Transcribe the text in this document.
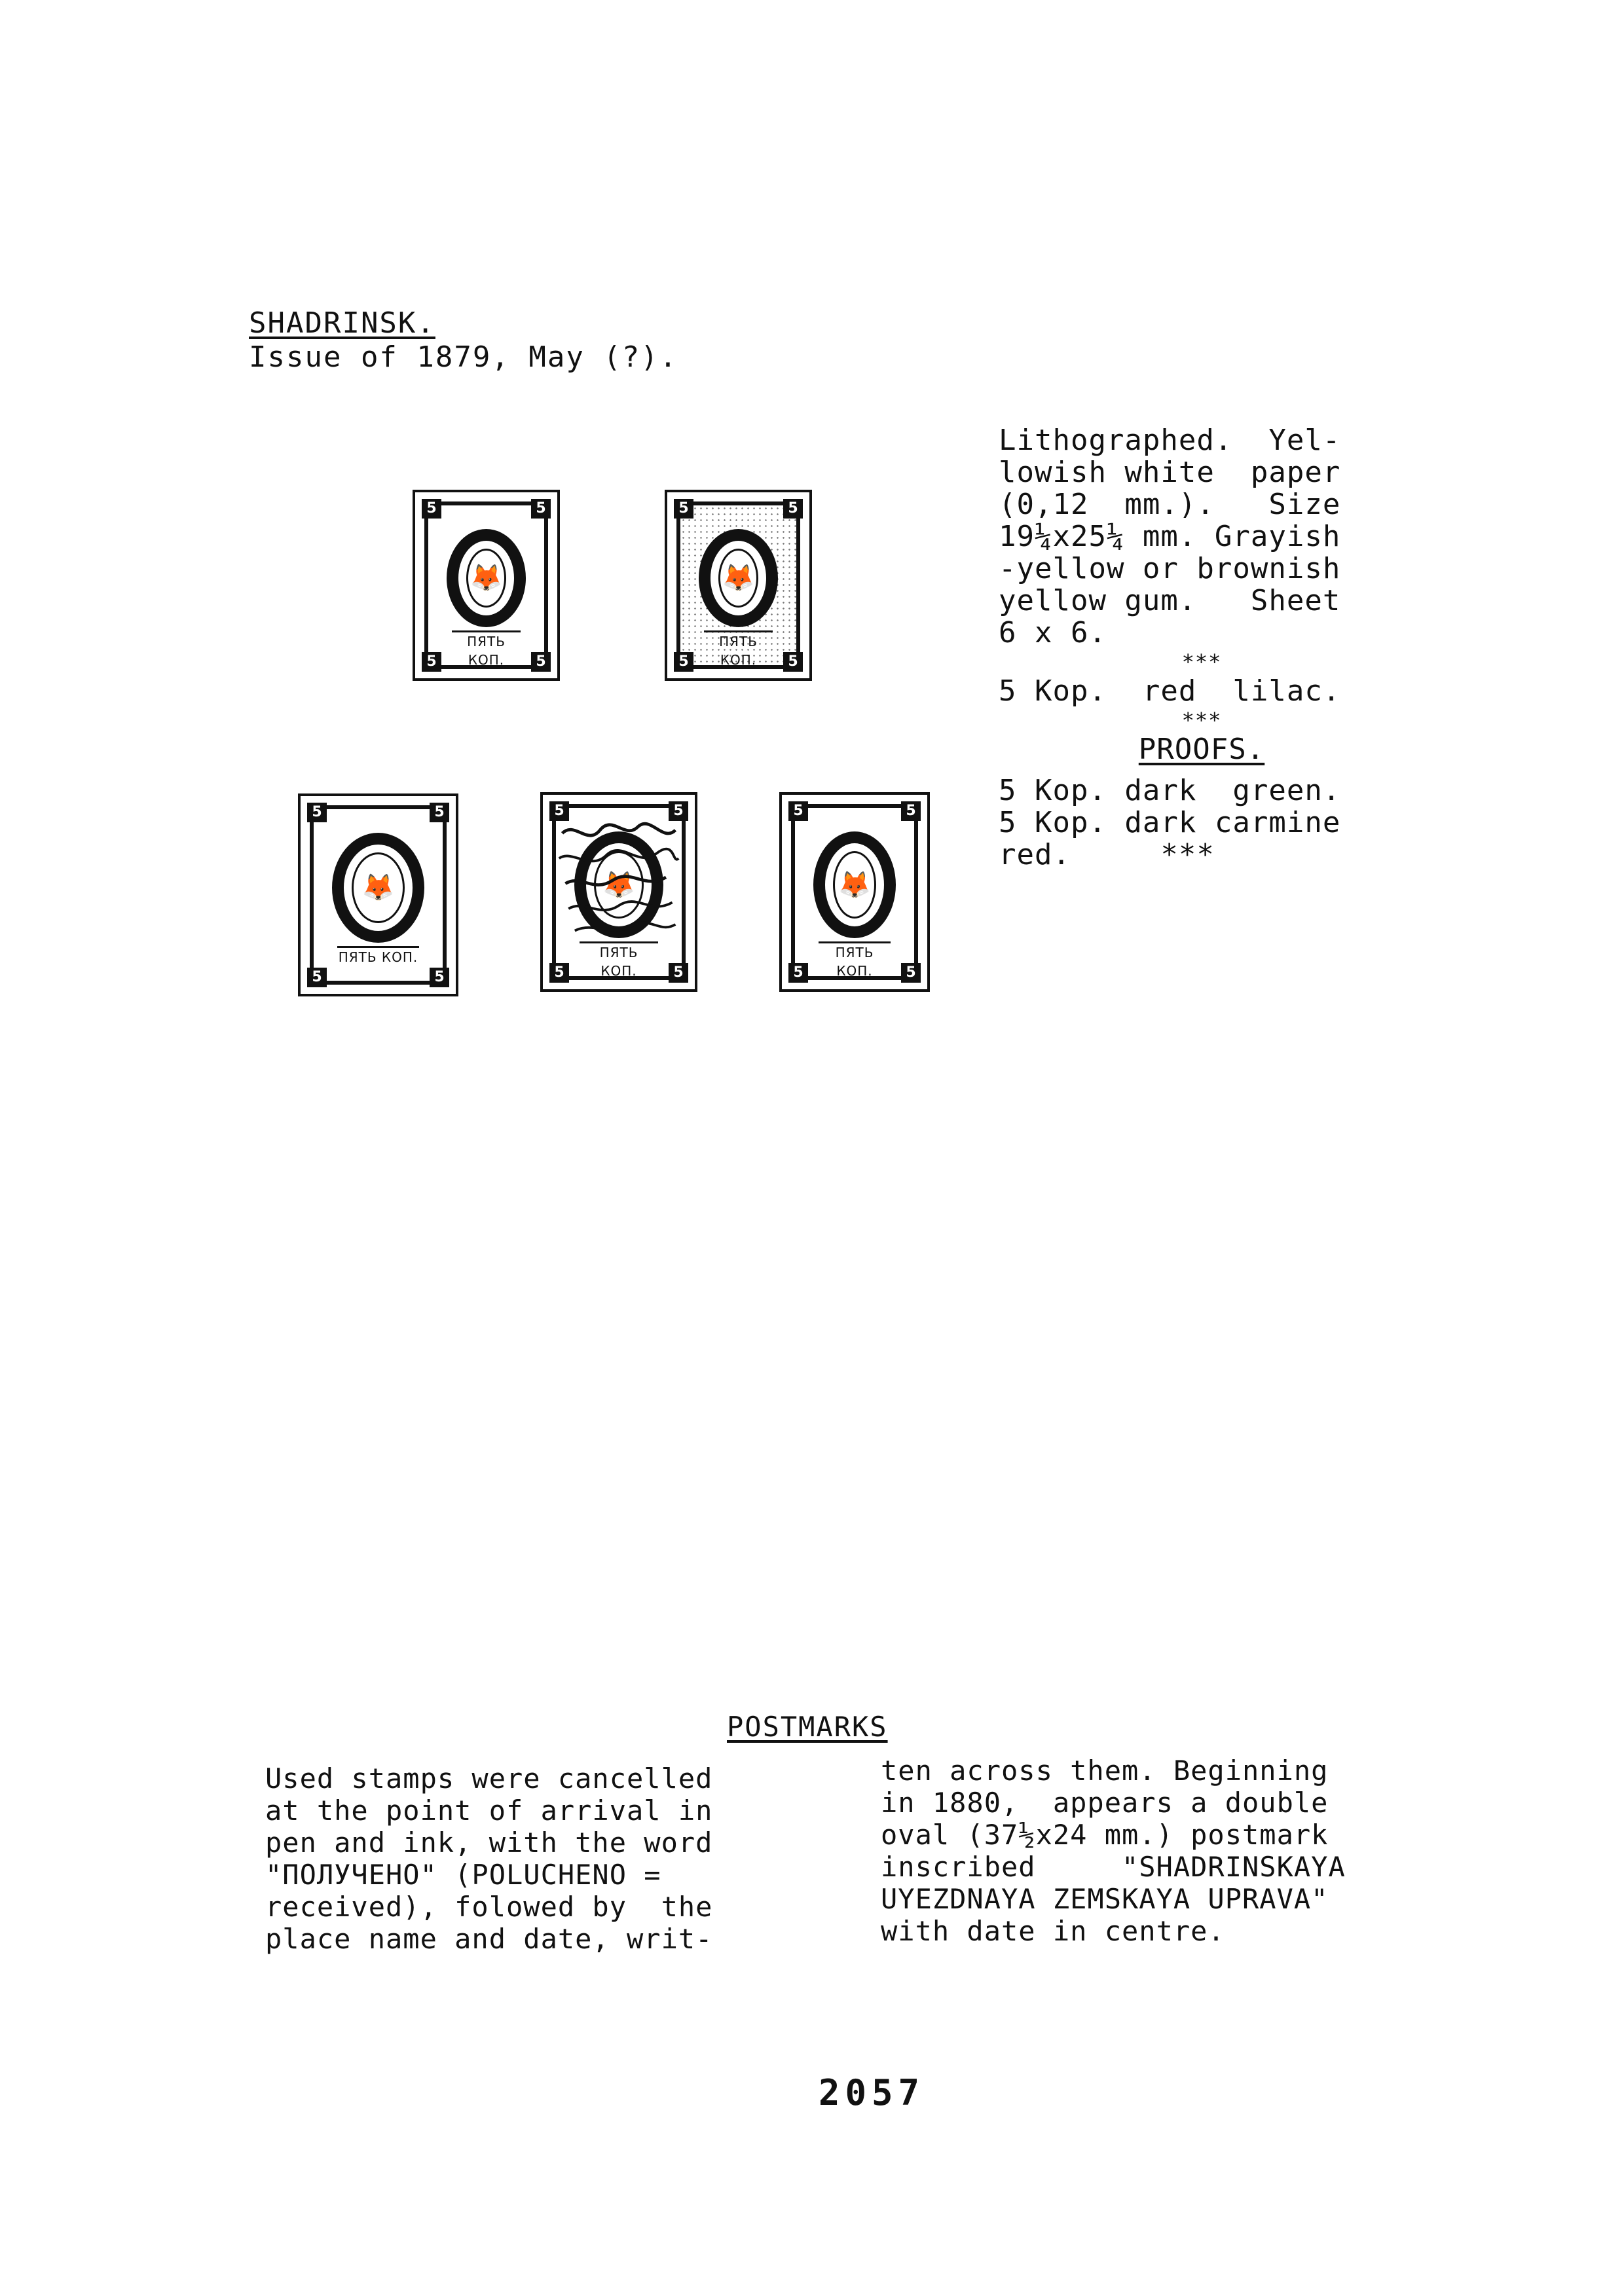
SHADRINSK.
Issue of 1879, May (?).
🦊
ПЯТЬ КОП.
5	5
5	5
🦊
ПЯТЬ КОП.
5	5
5	5
🦊
ПЯТЬ КОП.
5	5
5	5
🦊
ПЯТЬ КОП.
5	5
5	5
🦊
ПЯТЬ КОП.
5	5
5	5
Lithographed.  Yel-
lowish white  paper
(0,12  mm.).   Size
19¼x25¼ mm. Grayish
-yellow or brownish
yellow gum.   Sheet
6 x 6.
***
5 Kop.  red  lilac.
***
PROOFS.
5 Kop. dark  green.
5 Kop. dark carmine
red.     ***
POSTMARKS
Used stamps were cancelled
at the point of arrival in
pen and ink, with the word
"ПОЛУЧЕНО" (POLUCHENO =
received), folowed by  the
place name and date, writ-
ten across them. Beginning
in 1880,  appears a double
oval (37½x24 mm.) postmark
inscribed     "SHADRINSKAYA
UYEZDNAYA ZEMSKAYA UPRAVA"
with date in centre.
2057
